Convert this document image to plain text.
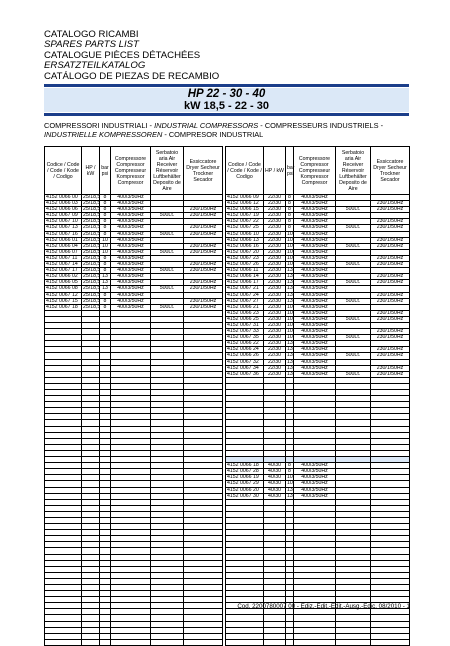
CATALOGO RICAMBI
SPARES PARTS LIST
CATALOGUE PIÈCES DÉTACHÉES
ERSATZTEILKATALOG
CATÁLOGO DE PIEZAS DE RECAMBIO
HP 22 - 30 - 40
kW 18,5 - 22 - 30
COMPRESSORI INDUSTRIALI - INDUSTRIAL COMPRESSORS - COMPRESSEURS INDUSTRIELS -
INDUSTRIELLE KOMPRESSOREN - COMPRESOR INDUSTRIAL
Codice / Code / Code / Kode / Codigo	HP / kW	bar psi	Compressore Compressor Compresseur Kompressor Compresor	Serbatoio aria Air Receiver Réservoir Luftbehälter Deposito de Aire	Essiccatore Dryer Secheur Trockner Secador
4152 0066 00	25/18,5	8	400/3/50Hz		
4152 0066 03	25/18,5	8	400/3/50Hz		
4152 0066 06	25/18,5	8	400/3/50Hz		230/1/50Hz
4152 0067 09	25/18,5	8	400/3/50Hz	500Lt.	230/1/50Hz
4152 0067 10	25/18,5	8	400/3/50Hz		
4152 0067 13	25/18,5	8	400/3/50Hz		230/1/50Hz
4152 0067 16	25/18,5	8	400/3/50Hz	500Lt.	230/1/50Hz
4152 0066 01	25/18,5	10	400/3/50Hz		
4152 0066 04	25/18,5	10	400/3/50Hz		230/1/50Hz
4152 0066 07	25/18,5	10	400/3/50Hz	500Lt.	230/1/50Hz
4152 0067 11	25/18,5	8	400/3/50Hz		
4152 0067 14	25/18,5	8	400/3/50Hz		230/1/50Hz
4152 0067 17	25/18,5	8	400/3/50Hz	500Lt.	230/1/50Hz
4152 0066 02	25/18,5	13	400/3/50Hz		
4152 0066 05	25/18,5	13	400/3/50Hz		230/1/50Hz
4152 0066 08	25/18,5	13	400/3/50Hz	500Lt.	230/1/50Hz
4152 0067 12	25/18,5	8	400/3/50Hz		
4152 0067 15	25/18,5	8	400/3/50Hz		230/1/50Hz
4152 0067 18	25/18,5	8	400/3/50Hz	500Lt.	230/1/50Hz

Codice / Code / Code / Kode / Codigo	HP / kW	bar psi	Compressore Compressor Compresseur Kompressor Compresor	Serbatoio aria Air Receiver Réservoir Luftbehälter Deposito de Aire	Essiccatore Dryer Secheur Trockner Secador
4152 0066 09	22/30	8	400/3/50Hz		
4152 0066 12	22/30	8	400/3/50Hz		230/1/50Hz
4152 0066 15	22/30	8	400/3/50Hz	500Lt.	230/1/50Hz
4152 0067 19	22/30	8	400/3/50Hz		
4152 0067 22	22/30	8	400/3/50Hz		230/1/50Hz
4152 0067 25	22/30	8	400/3/50Hz	500Lt.	230/1/50Hz
4152 0066 10	22/30	10	400/3/50Hz		
4152 0066 13	22/30	10	400/3/50Hz		230/1/50Hz
4152 0066 16	22/30	10	400/3/50Hz	500Lt.	230/1/50Hz
4152 0067 20	22/30	10	400/3/50Hz		
4152 0067 23	22/30	10	400/3/50Hz		230/1/50Hz
4152 0067 26	22/30	10	400/3/50Hz	500Lt.	230/1/50Hz
4152 0066 11	22/30	13	400/3/50Hz		
4152 0066 14	22/30	13	400/3/50Hz		230/1/50Hz
4152 0066 17	22/30	13	400/3/50Hz	500Lt.	230/1/50Hz
4152 0067 21	22/30	13	400/3/50Hz		
4152 0067 24	22/30	13	400/3/50Hz		230/1/50Hz
4152 0067 27	22/30	13	400/3/50Hz	500Lt.	230/1/50Hz
4152 0066 21	22/30	10	400/3/50Hz		
4152 0066 23	22/30	10	400/3/50Hz		230/1/50Hz
4152 0066 25	22/30	10	400/3/50Hz	500Lt.	230/1/50Hz
4152 0067 31	22/30	10	400/3/50Hz		
4152 0067 33	22/30	10	400/3/50Hz		230/1/50Hz
4152 0067 35	22/30	10	400/3/50Hz	500Lt.	230/1/50Hz
4152 0066 22	22/30	13	400/3/50Hz		
4152 0066 24	22/30	13	400/3/50Hz		230/1/50Hz
4152 0066 26	22/30	13	400/3/50Hz	500Lt.	230/1/50Hz
4152 0067 32	22/30	13	400/3/50Hz		
4152 0067 34	22/30	13	400/3/50Hz		230/1/50Hz
4152 0067 36	22/30	13	400/3/50Hz	500Lt.	230/1/50Hz

4152 0066 18	40/30	8	400/3/50Hz		
4152 0067 28	40/30	8	400/3/50Hz		
4152 0066 19	40/30	10	400/3/50Hz		
4152 0067 29	40/30	10	400/3/50Hz		
4152 0066 20	40/30	13	400/3/50Hz		
4152 0067 30	40/30	13	400/3/50Hz		

Cod. 2200780007 00 - Ediz.-Edit.-Edit.-Ausg.-Edic. 08/2010 - 1
